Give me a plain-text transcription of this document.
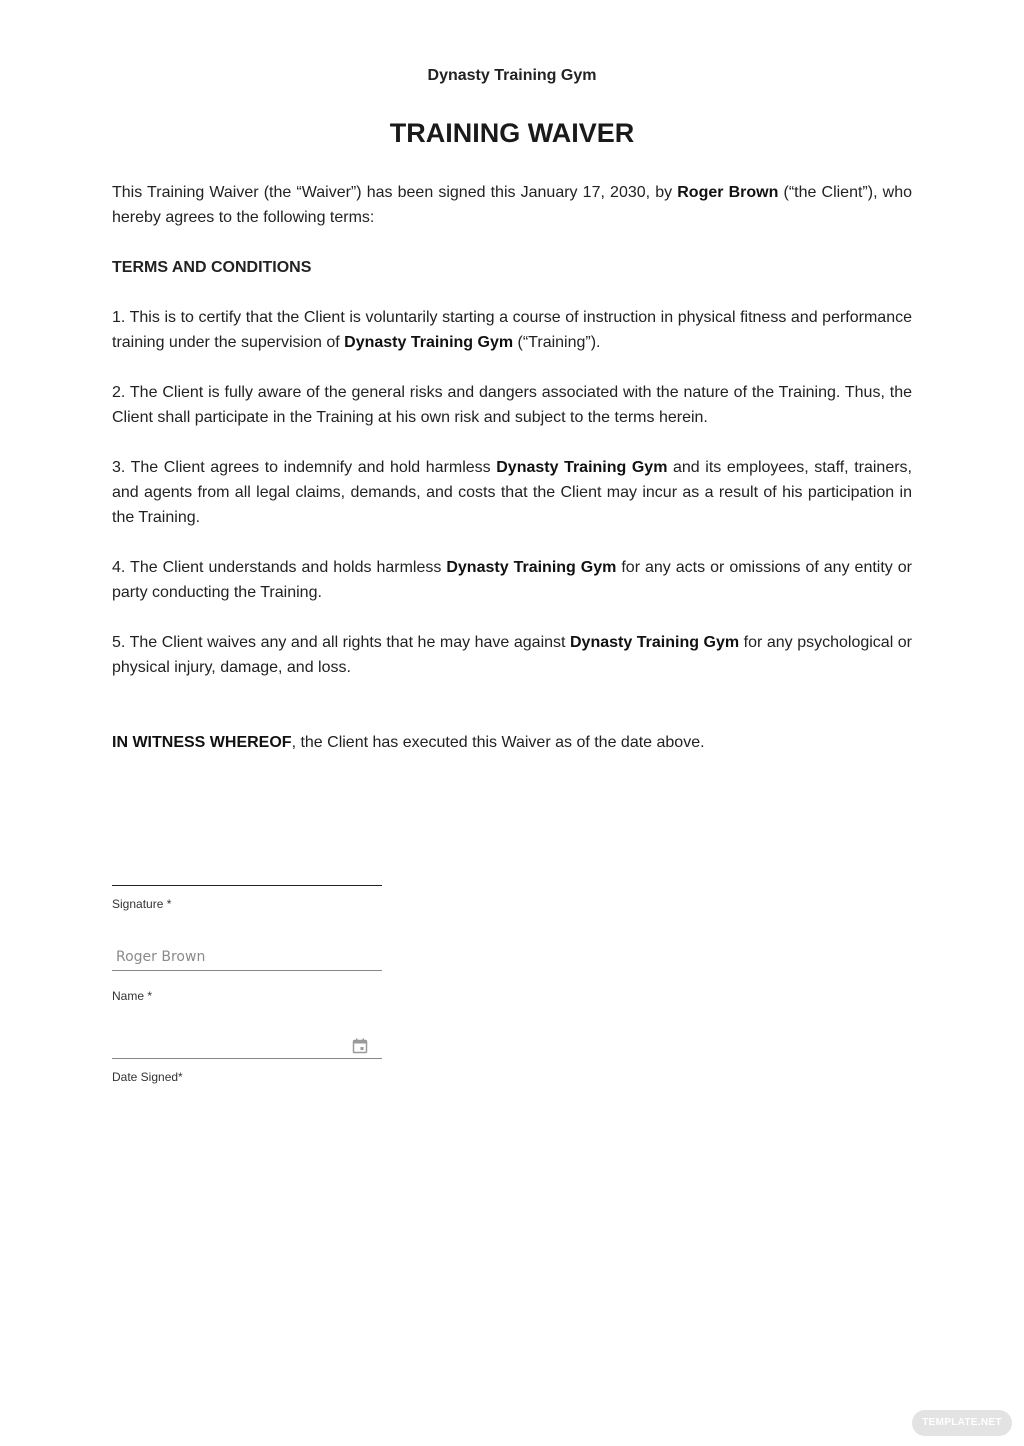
Dynasty Training Gym
TRAINING WAIVER

This Training Waiver (the “Waiver”) has been signed this January 17, 2030, by Roger Brown (“the Client”), who hereby agrees to the following terms:

TERMS AND CONDITIONS

1. This is to certify that the Client is voluntarily starting a course of instruction in physical fitness and performance training under the supervision of Dynasty Training Gym (“Training”).

2. The Client is fully aware of the general risks and dangers associated with the nature of the Training. Thus, the Client shall participate in the Training at his own risk and subject to the terms herein.

3. The Client agrees to indemnify and hold harmless Dynasty Training Gym and its employees, staff, trainers, and agents from all legal claims, demands, and costs that the Client may incur as a result of his participation in the Training.

4. The Client understands and holds harmless Dynasty Training Gym for any acts or omissions of any entity or party conducting the Training.

5. The Client waives any and all rights that he may have against Dynasty Training Gym for any psychological or physical injury, damage, and loss.

IN WITNESS WHEREOF, the Client has executed this Waiver as of the date above.

Signature *
Roger Brown
Name *
Date Signed*
TEMPLATE.NET
